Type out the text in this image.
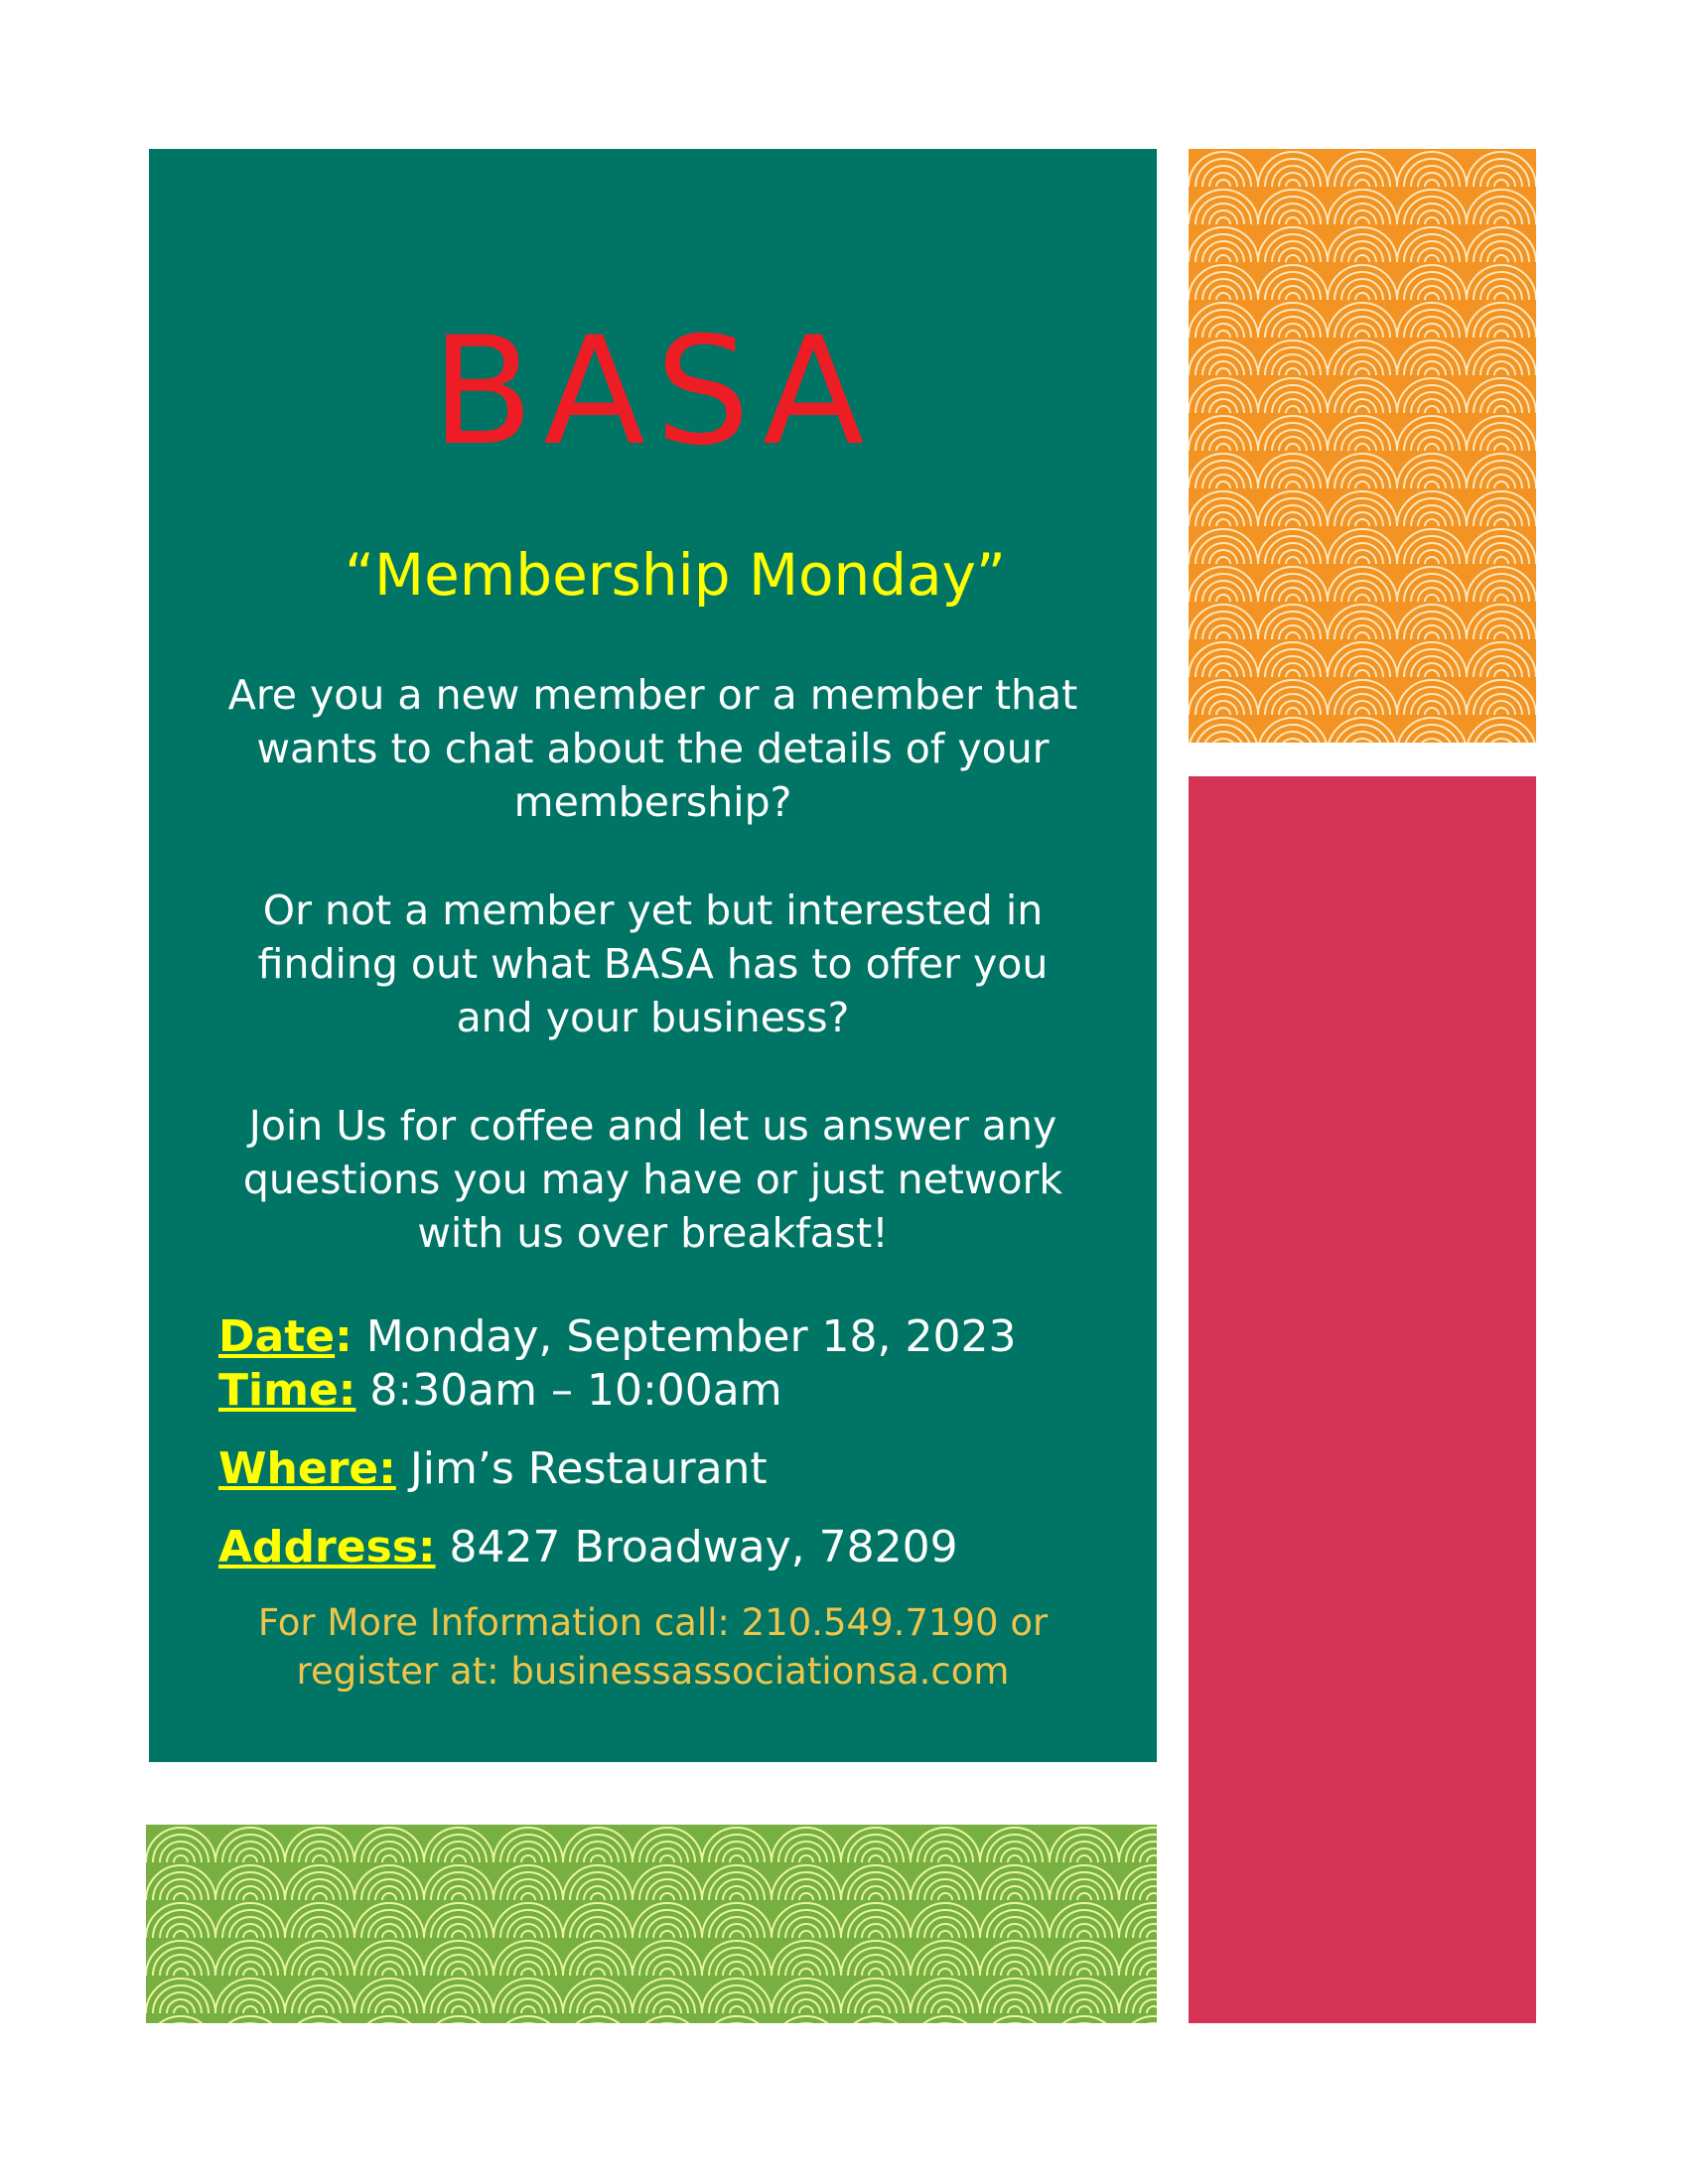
BASA

“Membership Monday”

Are you a new member or a member that wants to chat about the details of your membership?

Or not a member yet but interested in finding out what BASA has to offer you and your business?

Join Us for coffee and let us answer any questions you may have or just network with us over breakfast!

Date: Monday, September 18, 2023

Time: 8:30am – 10:00am

Where: Jim’s Restaurant

Address: 8427 Broadway, 78209

For More Information call: 210.549.7190 or register at: businessassociationsa.com
